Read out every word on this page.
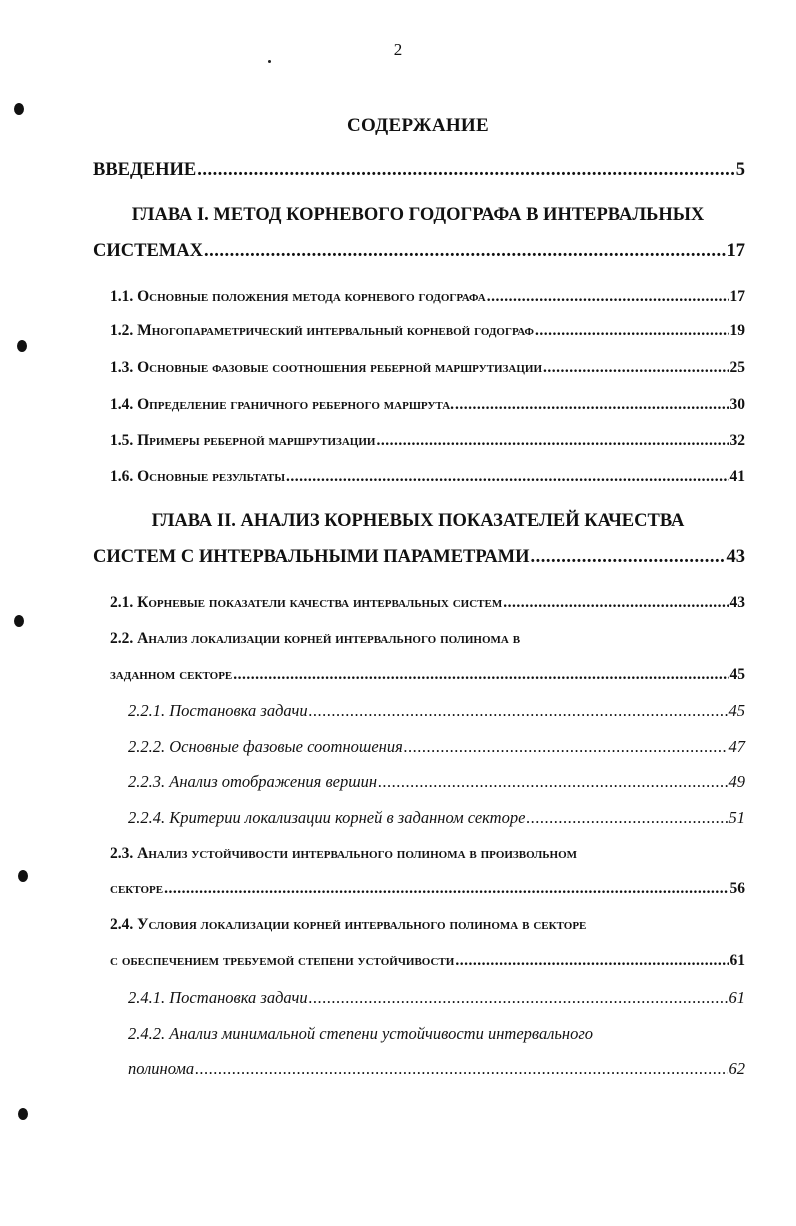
2
СОДЕРЖАНИЕ
ВВЕДЕНИЕ .....	5
ГЛАВА I. МЕТОД КОРНЕВОГО ГОДОГРАФА В ИНТЕРВАЛЬНЫХ
СИСТЕМАХ .....	17
1.1. Основные положения метода корневого годографа .....	17
1.2. Многопараметрический интервальный корневой годограф .....	19
1.3. Основные фазовые соотношения реберной маршрутизации .....	25
1.4. Определение граничного реберного маршрута. .....	30
1.5. Примеры реберной маршрутизации .....	32
1.6. Основные результаты .....	41
ГЛАВА II. АНАЛИЗ КОРНЕВЫХ ПОКАЗАТЕЛЕЙ КАЧЕСТВА
СИСТЕМ С ИНТЕРВАЛЬНЫМИ ПАРАМЕТРАМИ .....	43
2.1. Корневые показатели качества интервальных систем .....	43
2.2. Анализ локализации корней интервального полинома в
заданном секторе .....	45
2.2.1. Постановка задачи .....	45
2.2.2. Основные фазовые соотношения .....	47
2.2.3. Анализ отображения вершин .....	49
2.2.4. Критерии локализации корней в заданном секторе .....	51
2.3. Анализ устойчивости интервального полинома в произвольном
секторе .....	56
2.4. Условия локализации корней интервального полинома в секторе
с обеспечением требуемой степени устойчивости .....	61
2.4.1. Постановка задачи .....	61
2.4.2. Анализ минимальной степени устойчивости интервального
полинома .....	62
